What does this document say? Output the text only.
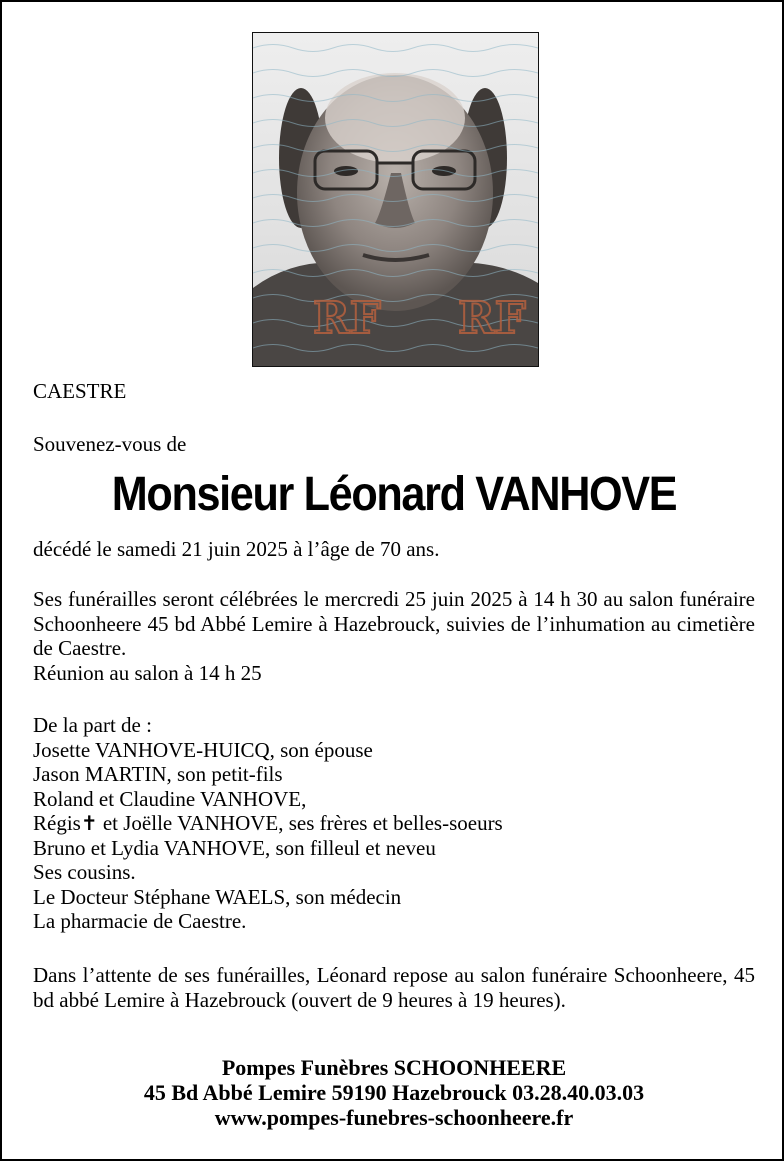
RF RF
CAESTRE
Souvenez-vous de
Monsieur Léonard VANHOVE
décédé le samedi 21 juin 2025 à l’âge de 70 ans.
Ses funérailles seront célébrées le mercredi 25 juin 2025 à 14 h 30 au salon funéraire Schoonheere 45 bd Abbé Lemire à Hazebrouck, suivies de l’inhumation au cimetière de Caestre.
Réunion au salon à 14 h 25
De la part de :
Josette VANHOVE-HUICQ, son épouse
Jason MARTIN, son petit-fils
Roland et Claudine VANHOVE,
Régis✝ et Joëlle VANHOVE, ses frères et belles-soeurs
Bruno et Lydia VANHOVE, son filleul et neveu
Ses cousins.
Le Docteur Stéphane WAELS, son médecin
La pharmacie de Caestre.
Dans l’attente de ses funérailles, Léonard repose au salon funéraire Schoonheere, 45 bd abbé Lemire à Hazebrouck (ouvert de 9 heures à 19 heures).
Pompes Funèbres SCHOONHEERE
45 Bd Abbé Lemire 59190 Hazebrouck 03.28.40.03.03
www.pompes-funebres-schoonheere.fr
